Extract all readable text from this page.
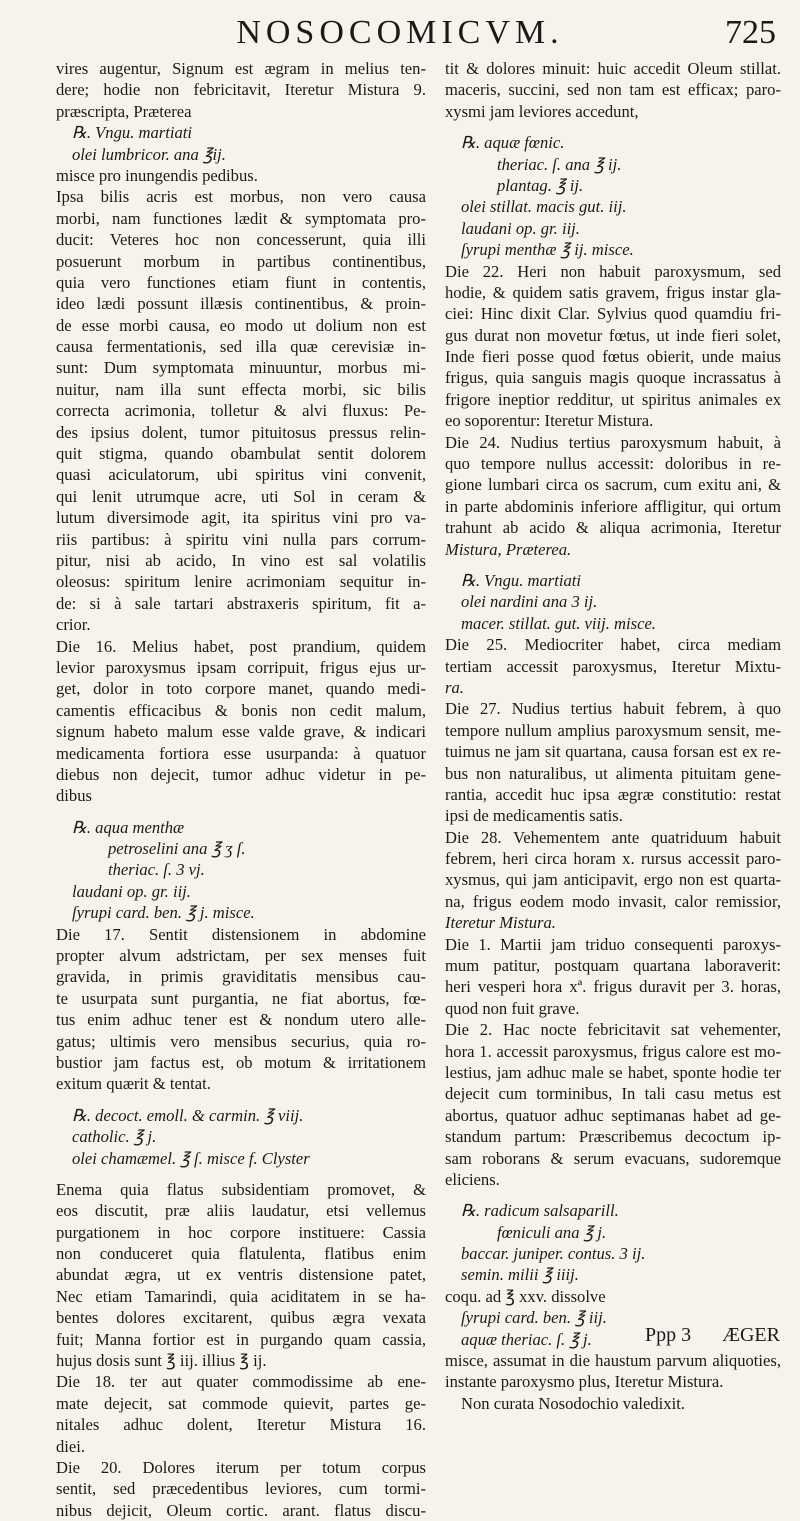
NOSOCOMICVM.	725
vires augentur, Signum est ægram in melius ten-
dere; hodie non febricitavit, Iteretur Mistura 9.
præscripta, Præterea
℞. Vngu. martiati
olei lumbricor. ana ℥ij.
misce pro inungendis pedibus.
Ipsa bilis acris est morbus, non vero causa
morbi, nam functiones lædit & symptomata pro-
ducit: Veteres hoc non concesserunt, quia illi
posuerunt morbum in partibus continentibus,
quia vero functiones etiam fiunt in contentis,
ideo lædi possunt illæsis continentibus, & proin-
de esse morbi causa, eo modo ut dolium non est
causa fermentationis, sed illa quæ cerevisiæ in-
sunt: Dum symptomata minuuntur, morbus mi-
nuitur, nam illa sunt effecta morbi, sic bilis
correcta acrimonia, tolletur & alvi fluxus: Pe-
des ipsius dolent, tumor pituitosus pressus relin-
quit stigma, quando obambulat sentit dolorem
quasi aciculatorum, ubi spiritus vini convenit,
qui lenit utrumque acre, uti Sol in ceram &
lutum diversimode agit, ita spiritus vini pro va-
riis partibus: à spiritu vini nulla pars corrum-
pitur, nisi ab acido, In vino est sal volatilis
oleosus: spiritum lenire acrimoniam sequitur in-
de: si à sale tartari abstraxeris spiritum, fit a-
crior.
Die 16. Melius habet, post prandium, quidem
levior paroxysmus ipsam corripuit, frigus ejus ur-
get, dolor in toto corpore manet, quando medi-
camentis efficacibus & bonis non cedit malum,
signum habeto malum esse valde grave, & indicari
medicamenta fortiora esse usurpanda: à quatuor
diebus non dejecit, tumor adhuc videtur in pe-
dibus
℞. aqua menthæ
petroselini ana ℥ ʒ ſ.
theriac. ſ. 3 vj.
laudani op. gr. iij.
ſyrupi card. ben. ℥ j. misce.
Die 17. Sentit distensionem in abdomine
propter alvum adstrictam, per sex menses fuit
gravida, in primis graviditatis mensibus cau-
te usurpata sunt purgantia, ne fiat abortus, fœ-
tus enim adhuc tener est & nondum utero alle-
gatus; ultimis vero mensibus securius, quia ro-
bustior jam factus est, ob motum & irritationem
exitum quærit & tentat.
℞. decoct. emoll. & carmin. ℥ viij.
catholic. ℥ j.
olei chamæmel. ℥ ſ. misce f. Clyster
Enema quia flatus subsidentiam promovet, &
eos discutit, præ aliis laudatur, etsi vellemus
purgationem in hoc corpore instituere: Cassia
non conduceret quia flatulenta, flatibus enim
abundat ægra, ut ex ventris distensione patet,
Nec etiam Tamarindi, quia aciditatem in se ha-
bentes dolores excitarent, quibus ægra vexata
fuit; Manna fortior est in purgando quam cassia,
hujus dosis sunt ℥ iij. illius ℥ ij.
Die 18. ter aut quater commodissime ab ene-
mate dejecit, sat commode quievit, partes ge-
nitales adhuc dolent, Iteretur Mistura 16.
diei.
Die 20. Dolores iterum per totum corpus
sentit, sed præcedentibus leviores, cum tormi-
nibus dejicit, Oleum cortic. arant. flatus discu-
tit & dolores minuit: huic accedit Oleum stillat.
maceris, succini, sed non tam est efficax; paro-
xysmi jam leviores accedunt,
℞. aquæ fœnic.
theriac. ſ. ana ℥ ij.
plantag. ℥ ij.
olei stillat. macis gut. iij.
laudani op. gr. iij.
ſyrupi menthæ ℥ ij. misce.
Die 22. Heri non habuit paroxysmum, sed
hodie, & quidem satis gravem, frigus instar gla-
ciei: Hinc dixit Clar. Sylvius quod quamdiu fri-
gus durat non movetur fœtus, ut inde fieri solet,
Inde fieri posse quod fœtus obierit, unde maius
frigus, quia sanguis magis quoque incrassatus à
frigore ineptior redditur, ut spiritus animales ex
eo soporentur: Iteretur Mistura.
Die 24. Nudius tertius paroxysmum habuit, à
quo tempore nullus accessit: doloribus in re-
gione lumbari circa os sacrum, cum exitu ani, &
in parte abdominis inferiore affligitur, qui ortum
trahunt ab acido & aliqua acrimonia, Iteretur
Mistura, Præterea.
℞. Vngu. martiati
olei nardini ana 3 ij.
macer. stillat. gut. viij. misce.
Die 25. Mediocriter habet, circa mediam
tertiam accessit paroxysmus, Iteretur Mixtu-
ra.
Die 27. Nudius tertius habuit febrem, à quo
tempore nullum amplius paroxysmum sensit, me-
tuimus ne jam sit quartana, causa forsan est ex re-
bus non naturalibus, ut alimenta pituitam gene-
rantia, accedit huc ipsa ægræ constitutio: restat
ipsi de medicamentis satis.
Die 28. Vehementem ante quatriduum habuit
febrem, heri circa horam x. rursus accessit paro-
xysmus, qui jam anticipavit, ergo non est quarta-
na, frigus eodem modo invasit, calor remissior,
Iteretur Mistura.
Die 1. Martii jam triduo consequenti paroxys-
mum patitur, postquam quartana laboraverit:
heri vesperi hora xª. frigus duravit per 3. horas,
quod non fuit grave.
Die 2. Hac nocte febricitavit sat vehementer,
hora 1. accessit paroxysmus, frigus calore est mo-
lestius, jam adhuc male se habet, sponte hodie ter
dejecit cum torminibus, In tali casu metus est
abortus, quatuor adhuc septimanas habet ad ge-
standum partum: Præscribemus decoctum ip-
sam roborans & serum evacuans, sudoremque
eliciens.
℞. radicum salsaparill.
fœniculi ana ℥ j.
baccar. juniper. contus. 3 ij.
semin. milii ℥ iiij.
coqu. ad ℥ xxv. dissolve
ſyrupi card. ben. ℥ iij.
aquæ theriac. ſ. ℥ j.
misce, assumat in die haustum parvum aliquoties,
instante paroxysmo plus, Iteretur Mistura.
Non curata Nosodochio valedixit.
Ppp 3 ÆGER
